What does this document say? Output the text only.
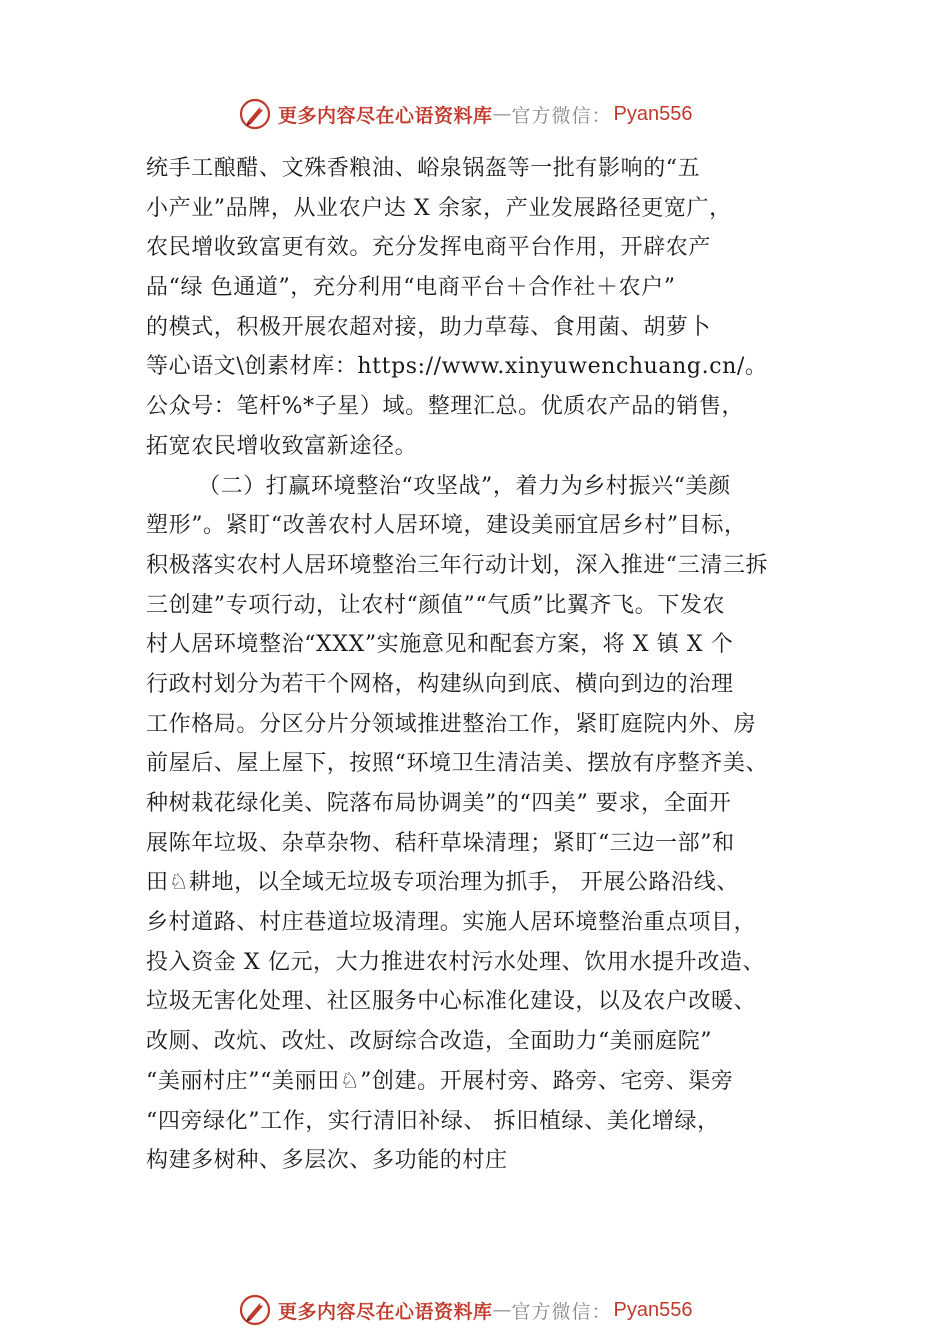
更多内容尽在心语资料库 — 官方微信： Pyan556
统手工酿醋、文殊香粮油、峪泉锅盔等一批有影响的“五
小产业”品牌，从业农户达 X 余家，产业发展路径更宽广，
农民增收致富更有效。充分发挥电商平台作用，开辟农产
品“绿 色通道”，充分利用“电商平台＋合作社＋农户”
的模式，积极开展农超对接，助力草莓、食用菌、胡萝卜
等心语文\创素材库：https://www.xinyuwenchuang.cn/。
公众号：笔杆%*子星）域。整理汇总。优质农产品的销售，
拓宽农民增收致富新途径。
（二）打赢环境整治“攻坚战”，着力为乡村振兴“美颜
塑形”。紧盯“改善农村人居环境，建设美丽宜居乡村”目标，
积极落实农村人居环境整治三年行动计划，深入推进“三清三拆
三创建”专项行动，让农村“颜值”“气质”比翼齐飞。下发农
村人居环境整治“XXX”实施意见和配套方案，将 X 镇 X 个
行政村划分为若干个网格，构建纵向到底、横向到边的治理
工作格局。分区分片分领域推进整治工作，紧盯庭院内外、房
前屋后、屋上屋下，按照“环境卫生清洁美、摆放有序整齐美、
种树栽花绿化美、院落布局协调美”的“四美” 要求，全面开
展陈年垃圾、杂草杂物、秸秆草垛清理；紧盯“三边一部”和
田♘耕地，以全域无垃圾专项治理为抓手， 开展公路沿线、
乡村道路、村庄巷道垃圾清理。实施人居环境整治重点项目，
投入资金 X 亿元，大力推进农村污水处理、饮用水提升改造、
垃圾无害化处理、社区服务中心标准化建设，以及农户改暖、
改厕、改炕、改灶、改厨综合改造，全面助力“美丽庭院”
“美丽村庄”“美丽田♘”创建。开展村旁、路旁、宅旁、渠旁
“四旁绿化”工作，实行清旧补绿、 拆旧植绿、美化增绿，
构建多树种、多层次、多功能的村庄
更多内容尽在心语资料库 — 官方微信： Pyan556
